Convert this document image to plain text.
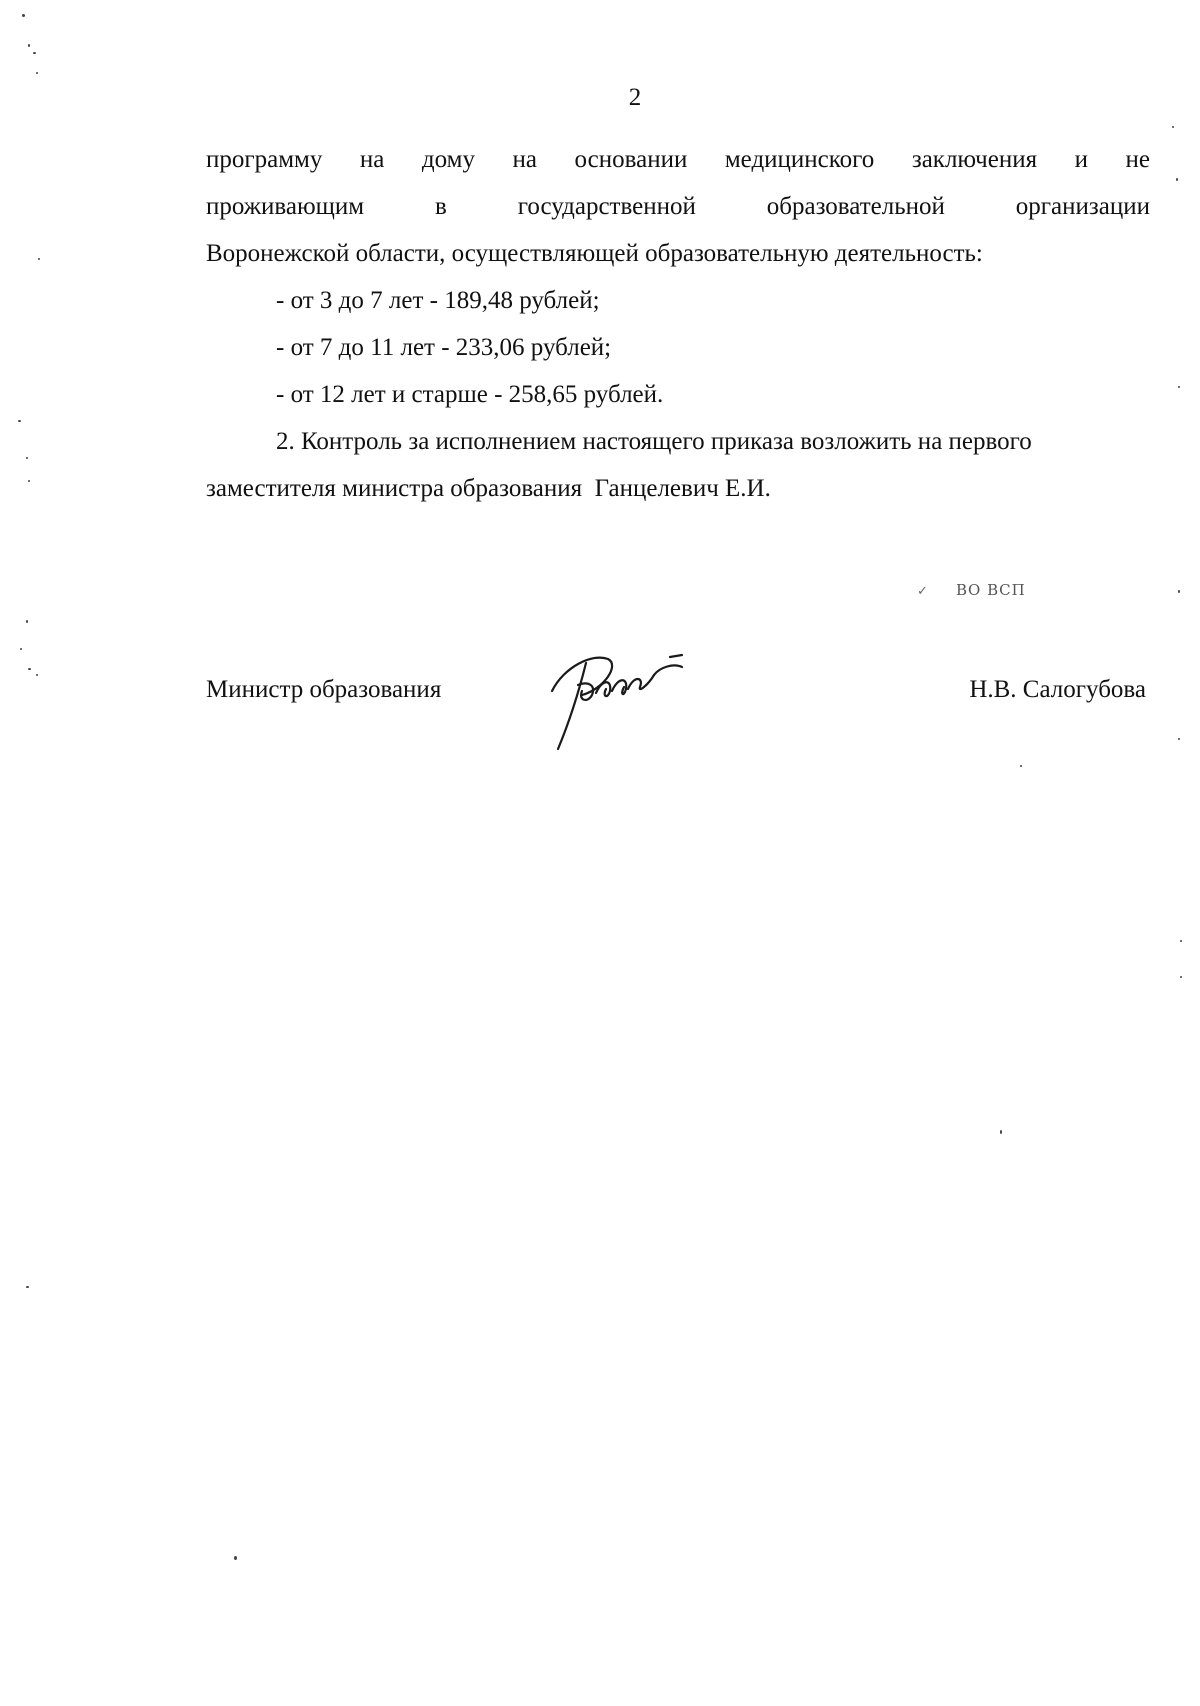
2
программу на дому на основании медицинского заключения и не
проживающим в государственной образовательной организации
Воронежской области, осуществляющей образовательную деятельность:
- от 3 до 7 лет - 189,48 рублей;
- от 7 до 11 лет - 233,06 рублей;
- от 12 лет и старше - 258,65 рублей.
2. Контроль за исполнением настоящего приказа возложить на первого
заместителя министра образования  Ганцелевич Е.И.
✓ ВО ВСП
Министр образования	Н.В. Салогубова
